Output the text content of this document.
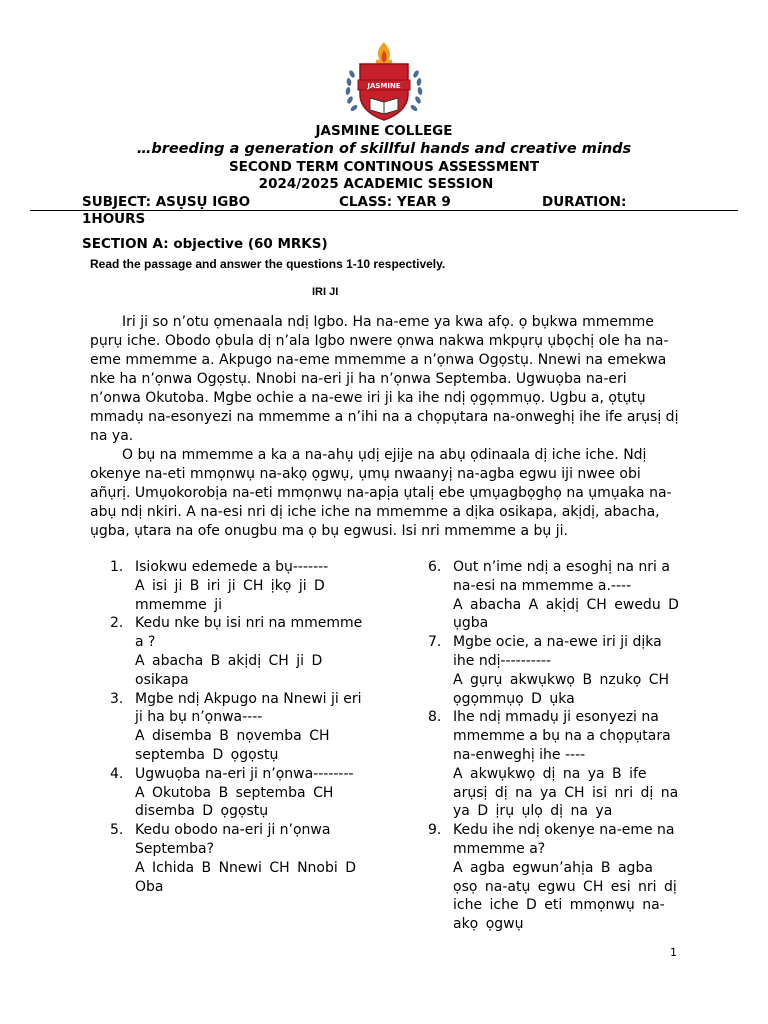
JASMINE
JASMINE COLLEGE
…breeding a generation of skillful hands and creative minds
SECOND TERM CONTINOUS ASSESSMENT
2024/2025 ACADEMIC SESSION
SUBJECT: ASỤSỤ IGBO	CLASS: YEAR 9	DURATION:
1HOURS
SECTION A: objective (60 MRKS)
Read the passage and answer the questions 1-10 respectively.
IRI JI

Iri ji so n’otu ọmenaala ndị Igbo. Ha na-eme ya kwa afọ. ọ bụkwa mmemme pụrụ iche. Obodo ọbula dị n’ala Igbo nwere ọnwa nakwa mkpụrụ ụbọchị ole ha na-eme mmemme a. Akpugo na-eme mmemme a n’ọnwa Ogọstụ. Nnewi na emekwa nke ha n’ọnwa Ogọstụ. Nnobi na-eri ji ha n’ọnwa Septemba. Ugwuọba na-eri n’onwa Okutoba. Mgbe ochie a na-ewe iri ji ka ihe ndị ọgọmmụọ. Ugbu a, ọtụtụ mmadụ na-esonyezi na mmemme a n’ihi na a chọpụtara na-onweghị ihe ife arụsị dị na ya.

O bụ na mmemme a ka a na-ahụ ụdị ejije na abụ ọdinaala dị iche iche. Ndị okenye na-eti mmọnwụ na-akọ ọgwụ, ụmụ nwaanyị na-agba egwu iji nwee obi añụrị. Umụokorobịa na-eti mmọnwụ na-apịa ụtalị ebe ụmụagbọghọ na ụmụaka na-abụ ndị nkiri. A na-esi nri dị iche iche na mmemme a dịka osikapa, akịdị, abacha, ụgba, ụtara na ofe onugbu ma ọ bụ egwusi. Isi nri mmemme a bụ ji.

1. Isiokwu edemede a bụ-------
A isi ji B iri ji CH ịkọ ji D mmemme ji
2. Kedu nke bụ isi nri na mmemme a ?
A abacha B akịdị CH ji D osikapa
3. Mgbe ndị Akpugo na Nnewi ji eri ji ha bụ n’ọnwa----
A disemba B nọvemba CH septemba D ọgọstụ
4. Ugwuọba na-eri ji n’ọnwa--------
A Okutoba B septemba CH disemba D ọgọstụ
5. Kedu obodo na-eri ji n’ọnwa Septemba?
A Ichida B Nnewi CH Nnobi D Oba
6. Out n’ime ndị a esoghị na nri a na-esi na mmemme a.----
A abacha A akịdị CH ewedu D ụgba
7. Mgbe ocie, a na-ewe iri ji dịka ihe ndị----------
A gụrụ akwụkwọ B nzukọ CH ọgọmmụọ D ụka
8. Ihe ndị mmadụ ji esonyezi na mmemme a bụ na a chọpụtara na-enweghị ihe ----
A akwụkwọ dị na ya B ife arụsị dị na ya CH isi nri dị na ya D ịrụ ụlọ dị na ya
9. Kedu ihe ndị okenye na-eme na mmemme a?
A agba egwun’ahịa B agba ọsọ na-atụ egwu CH esi nri dị iche iche D eti mmọnwụ na-akọ ọgwụ
1
